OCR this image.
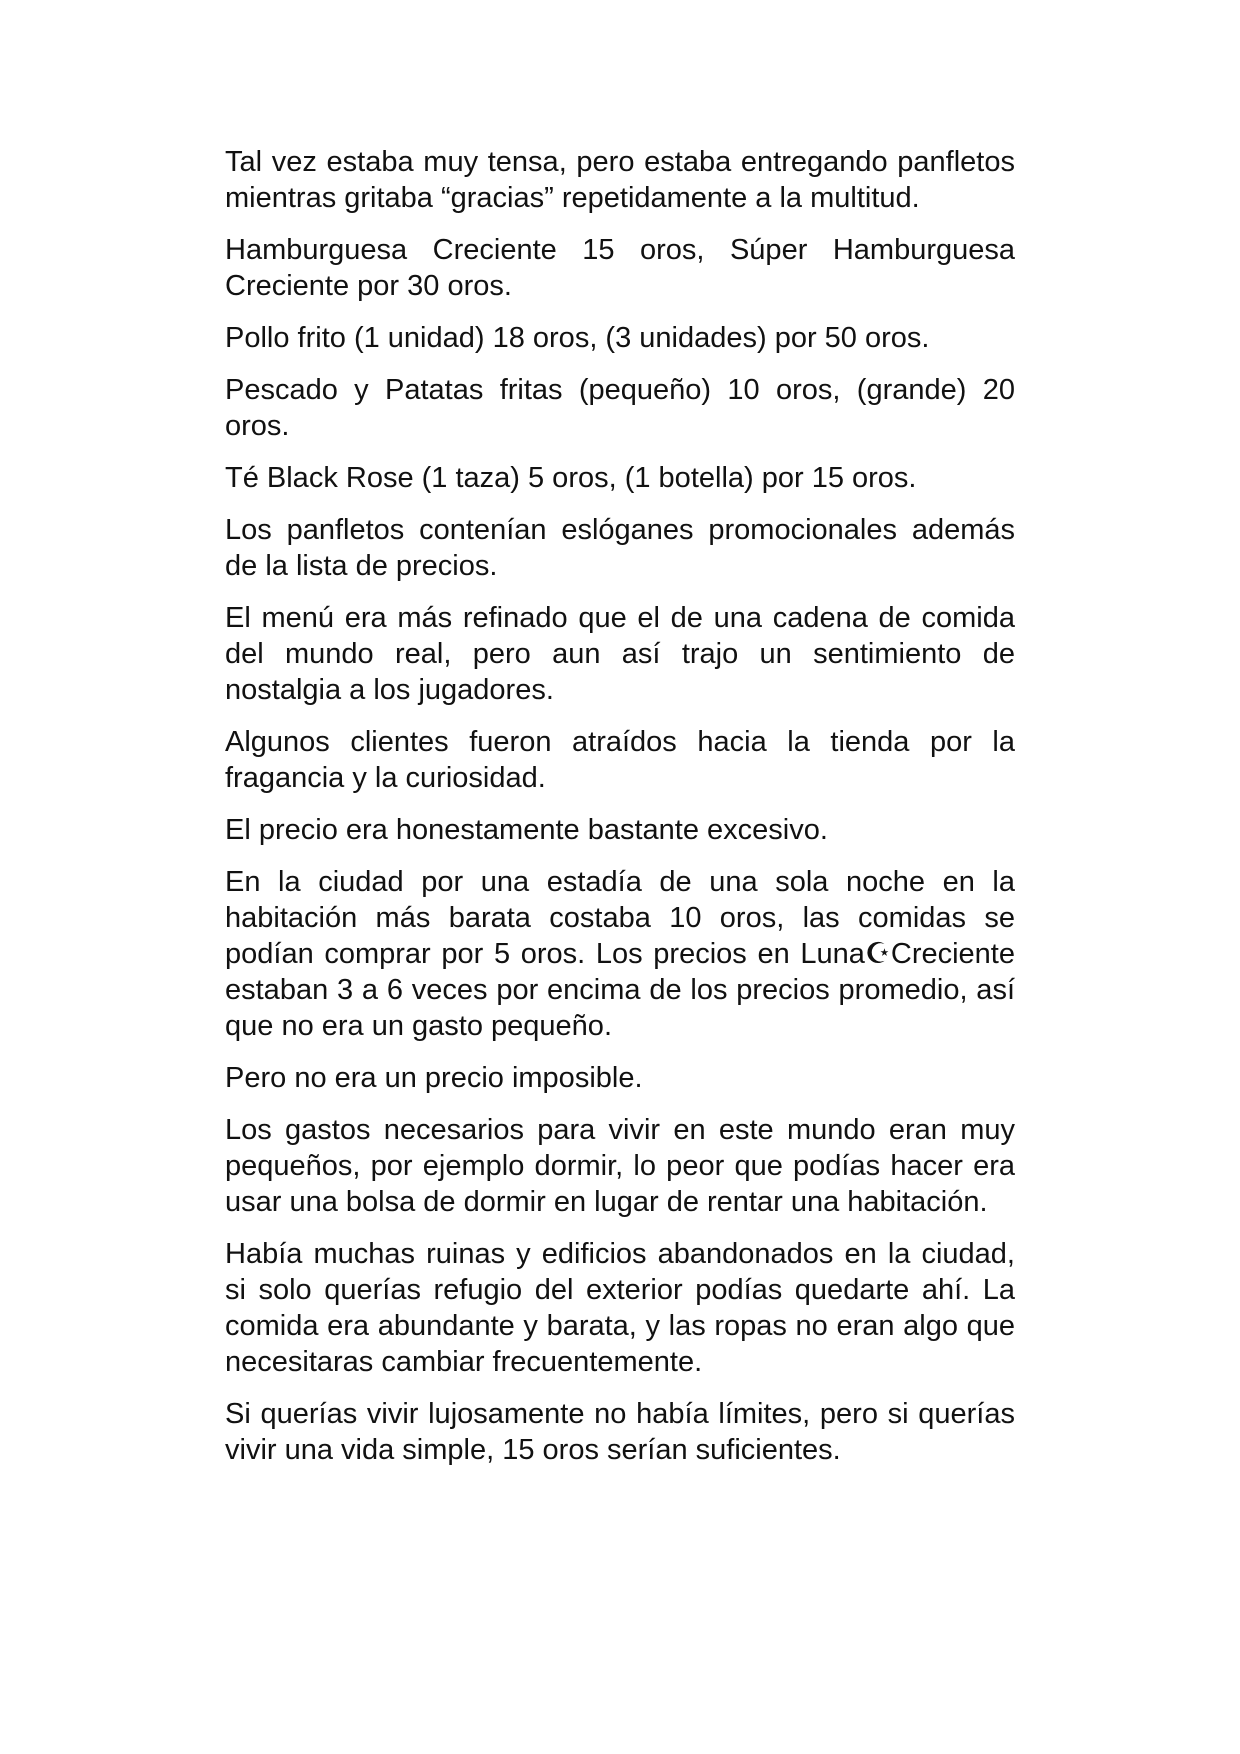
Tal vez estaba muy tensa, pero estaba entregando panfletos mientras gritaba “gracias” repetidamente a la multitud.

Hamburguesa Creciente 15 oros, Súper Hamburguesa Creciente por 30 oros.

Pollo frito (1 unidad) 18 oros, (3 unidades) por 50 oros.

Pescado y Patatas fritas (pequeño) 10 oros, (grande) 20 oros.

Té Black Rose (1 taza) 5 oros, (1 botella) por 15 oros.

Los panfletos contenían eslóganes promocionales además de la lista de precios.

El menú era más refinado que el de una cadena de comida del mundo real, pero aun así trajo un sentimiento de nostalgia a los jugadores.

Algunos clientes fueron atraídos hacia la tienda por la fragancia y la curiosidad.

El precio era honestamente bastante excesivo.

En la ciudad por una estadía de una sola noche en la habitación más barata costaba 10 oros, las comidas se podían comprar por 5 oros. Los precios en Luna☪Creciente estaban 3 a 6 veces por encima de los precios promedio, así que no era un gasto pequeño.

Pero no era un precio imposible.

Los gastos necesarios para vivir en este mundo eran muy pequeños, por ejemplo dormir, lo peor que podías hacer era usar una bolsa de dormir en lugar de rentar una habitación.

Había muchas ruinas y edificios abandonados en la ciudad, si solo querías refugio del exterior podías quedarte ahí. La comida era abundante y barata, y las ropas no eran algo que necesitaras cambiar frecuentemente.

Si querías vivir lujosamente no había límites, pero si querías vivir una vida simple, 15 oros serían suficientes.
